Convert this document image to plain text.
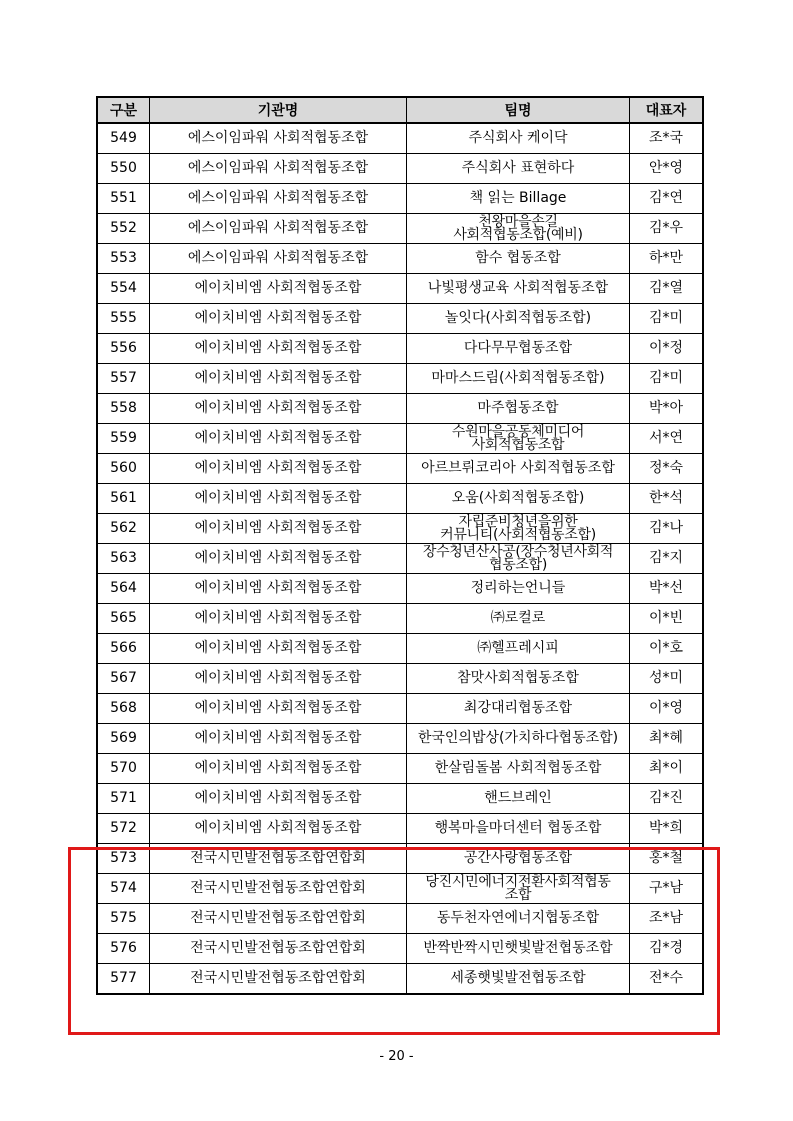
구분	기관명	팀명	대표자
549	에스이임파워 사회적협동조합	주식회사 케이닥	조*국
550	에스이임파워 사회적협동조합	주식회사 표현하다	안*영
551	에스이임파워 사회적협동조합	책 읽는 Billage	김*연
552	에스이임파워 사회적협동조합	천왕마을손길
사회적협동조합(예비)	김*우
553	에스이임파워 사회적협동조합	함수 협동조합	하*만
554	에이치비엠 사회적협동조합	나빛평생교육 사회적협동조합	김*열
555	에이치비엠 사회적협동조합	놀잇다(사회적협동조합)	김*미
556	에이치비엠 사회적협동조합	다다무무협동조합	이*정
557	에이치비엠 사회적협동조합	마마스드림(사회적협동조합)	김*미
558	에이치비엠 사회적협동조합	마주협동조합	박*아
559	에이치비엠 사회적협동조합	수원마을공동체미디어
사회적협동조합	서*연
560	에이치비엠 사회적협동조합	아르브뤼코리아 사회적협동조합	정*숙
561	에이치비엠 사회적협동조합	오움(사회적협동조합)	한*석
562	에이치비엠 사회적협동조합	자립준비청년을위한
커뮤니티(사회적협동조합)	김*나
563	에이치비엠 사회적협동조합	장수청년산사공(장수청년사회적
협동조합)	김*지
564	에이치비엠 사회적협동조합	정리하는언니들	박*선
565	에이치비엠 사회적협동조합	㈜로컬로	이*빈
566	에이치비엠 사회적협동조합	㈜헬프레시피	이*호
567	에이치비엠 사회적협동조합	참맛사회적협동조합	성*미
568	에이치비엠 사회적협동조합	최강대리협동조합	이*영
569	에이치비엠 사회적협동조합	한국인의밥상(가치하다협동조합)	최*혜
570	에이치비엠 사회적협동조합	한살림돌봄 사회적협동조합	최*이
571	에이치비엠 사회적협동조합	핸드브레인	김*진
572	에이치비엠 사회적협동조합	행복마을마더센터 협동조합	박*희
573	전국시민발전협동조합연합회	공간사랑협동조합	홍*철
574	전국시민발전협동조합연합회	당진시민에너지전환사회적협동
조합	구*남
575	전국시민발전협동조합연합회	동두천자연에너지협동조합	조*남
576	전국시민발전협동조합연합회	반짝반짝시민햇빛발전협동조합	김*경
577	전국시민발전협동조합연합회	세종햇빛발전협동조합	전*수
- 20 -
